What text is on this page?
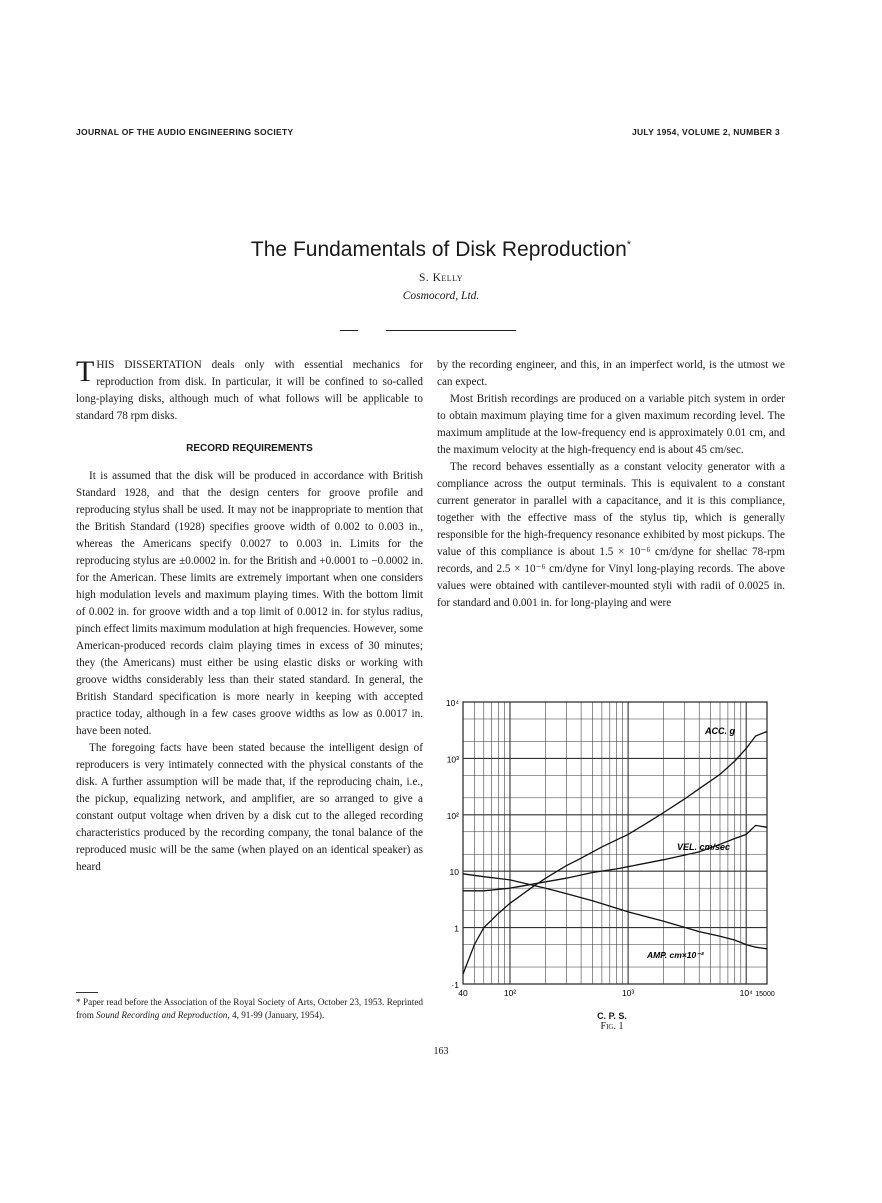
JOURNAL OF THE AUDIO ENGINEERING SOCIETY	JULY 1954, VOLUME 2, NUMBER 3
The Fundamentals of Disk Reproduction*
S. Kelly
Cosmocord, Ltd.

THIS DISSERTATION deals only with essential mechanics for reproduction from disk. In particular, it will be confined to so-called long-playing disks, although much of what follows will be applicable to standard 78 rpm disks.

RECORD REQUIREMENTS

It is assumed that the disk will be produced in accordance with British Standard 1928, and that the design centers for groove profile and reproducing stylus shall be used. It may not be inappropriate to mention that the British Standard (1928) specifies groove width of 0.002 to 0.003 in., whereas the Americans specify 0.0027 to 0.003 in. Limits for the reproducing stylus are ±0.0002 in. for the British and +0.0001 to −0.0002 in. for the American. These limits are extremely important when one considers high modulation levels and maximum playing times. With the bottom limit of 0.002 in. for groove width and a top limit of 0.0012 in. for stylus radius, pinch effect limits maximum modulation at high frequencies. However, some American-produced records claim playing times in excess of 30 minutes; they (the Americans) must either be using elastic disks or working with groove widths considerably less than their stated standard. In general, the British Standard specification is more nearly in keeping with accepted practice today, although in a few cases groove widths as low as 0.0017 in. have been noted.

The foregoing facts have been stated because the intelligent design of reproducers is very intimately connected with the physical constants of the disk. A further assumption will be made that, if the reproducing chain, i.e., the pickup, equalizing network, and amplifier, are so arranged to give a constant output voltage when driven by a disk cut to the alleged recording characteristics produced by the recording company, the tonal balance of the reproduced music will be the same (when played on an identical speaker) as heard

* Paper read before the Association of the Royal Society of Arts, October 23, 1953. Reprinted from Sound Recording and Reproduction, 4, 91-99 (January, 1954).

by the recording engineer, and this, in an imperfect world, is the utmost we can expect.

Most British recordings are produced on a variable pitch system in order to obtain maximum playing time for a given maximum recording level. The maximum amplitude at the low-frequency end is approximately 0.01 cm, and the maximum velocity at the high-frequency end is about 45 cm/sec.

The record behaves essentially as a constant velocity generator with a compliance across the output terminals. This is equivalent to a constant current generator in parallel with a capacitance, and it is this compliance, together with the effective mass of the stylus tip, which is generally responsible for the high-frequency resonance exhibited by most pickups. The value of this compliance is about 1.5 × 10⁻⁶ cm/dyne for shellac 78-rpm records, and 2.5 × 10⁻⁶ cm/dyne for Vinyl long-playing records. The above values were obtained with cantilever-mounted styli with radii of 0.0025 in. for standard and 0.001 in. for long-playing and were

10⁴
10³
10²
10
1
·1
40	10²	10³	10⁴ 15000
ACC. g
VEL. cm/sec
AMP. cm×10⁻³
C. P. S.
Fig. 1
163
